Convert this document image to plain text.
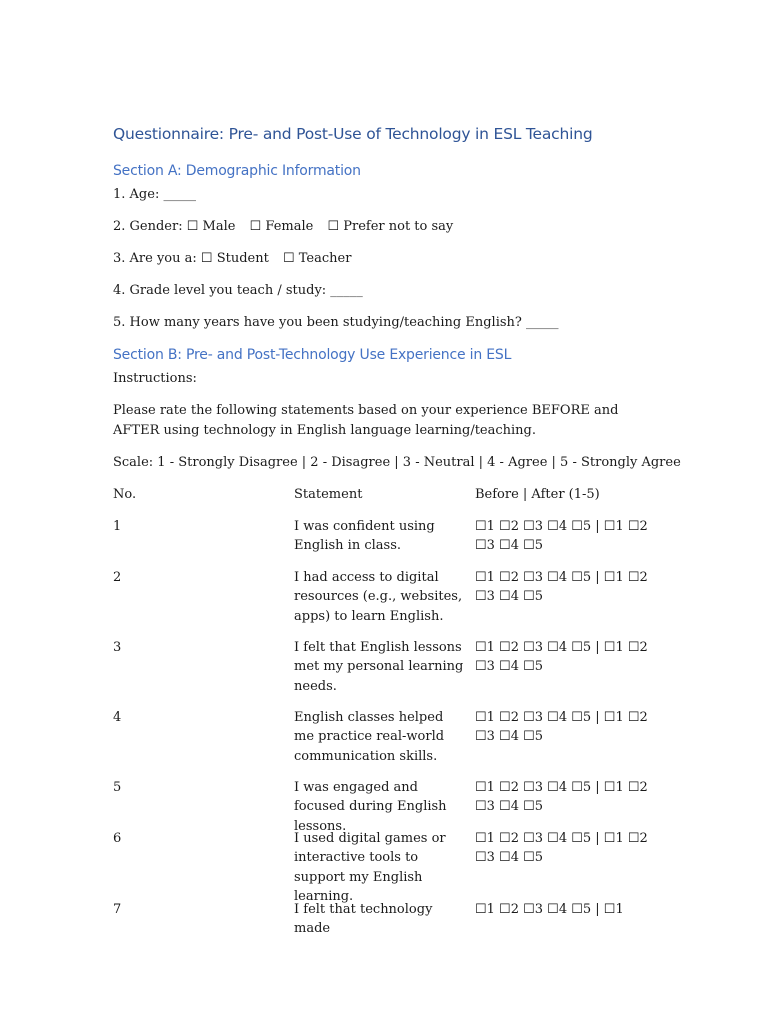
Questionnaire: Pre- and Post-Use of Technology in ESL Teaching
Section A: Demographic Information
1. Age: _____
2. Gender: ☐ Male ☐ Female ☐ Prefer not to say
3. Are you a: ☐ Student ☐ Teacher
4. Grade level you teach / study: _____
5. How many years have you been studying/teaching English? _____
Section B: Pre- and Post-Technology Use Experience in ESL
Instructions:
Please rate the following statements based on your experience BEFORE and AFTER using technology in English language learning/teaching.
Scale: 1 - Strongly Disagree | 2 - Disagree | 3 - Neutral | 4 - Agree | 5 - Strongly Agree
No.	Statement	Before | After (1-5)
1	I was confident using English in class.
☐1 ☐2 ☐3 ☐4 ☐5 | ☐1 ☐2 ☐3 ☐4 ☐5
2	I had access to digital resources (e.g., websites, apps) to learn English.
☐1 ☐2 ☐3 ☐4 ☐5 | ☐1 ☐2 ☐3 ☐4 ☐5
3	I felt that English lessons met my personal learning needs.
☐1 ☐2 ☐3 ☐4 ☐5 | ☐1 ☐2 ☐3 ☐4 ☐5
4	English classes helped me practice real-world communication skills.
☐1 ☐2 ☐3 ☐4 ☐5 | ☐1 ☐2 ☐3 ☐4 ☐5
5	I was engaged and focused during English lessons.
☐1 ☐2 ☐3 ☐4 ☐5 | ☐1 ☐2 ☐3 ☐4 ☐5
6	I used digital games or interactive tools to support my English learning.
☐1 ☐2 ☐3 ☐4 ☐5 | ☐1 ☐2 ☐3 ☐4 ☐5
7	I felt that technology made
☐1 ☐2 ☐3 ☐4 ☐5 | ☐1
